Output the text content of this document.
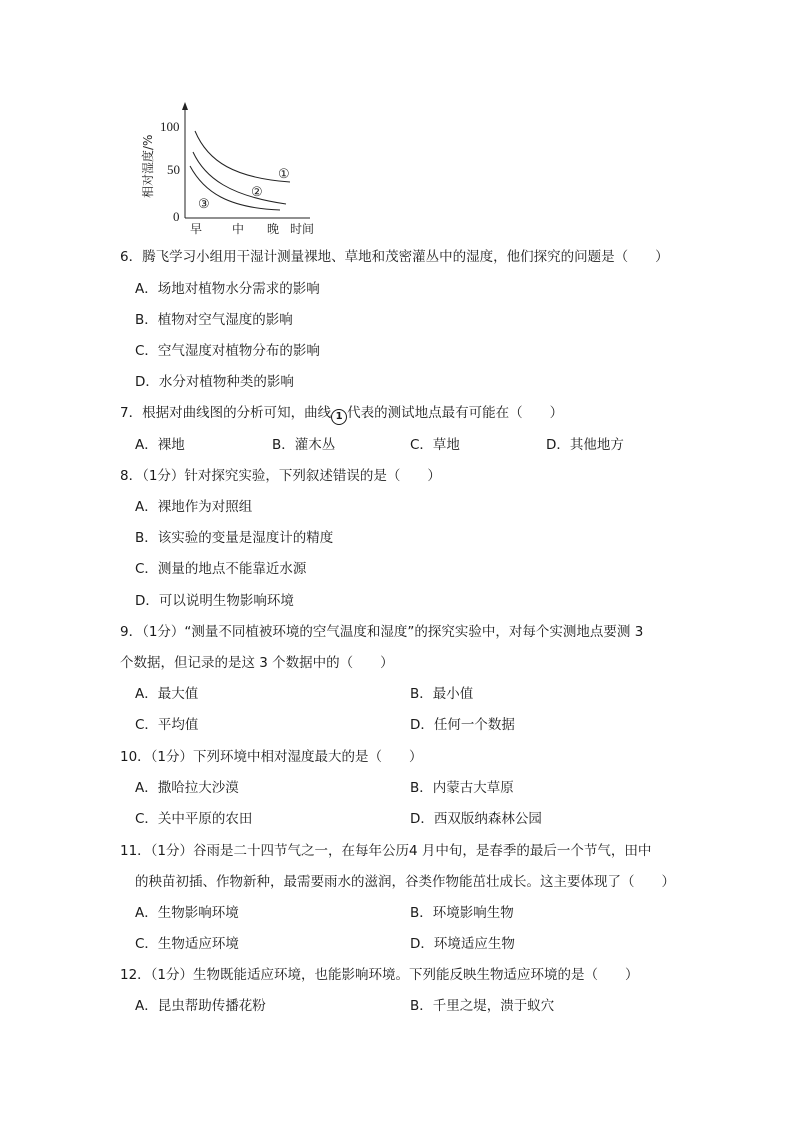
100
50
0
相对湿度/%
早 中 晚 时间
①
②
③
6．腾飞学习小组用干湿计测量裸地、草地和茂密灌丛中的湿度，他们探究的问题是（　　）
A．场地对植物水分需求的影响
B．植物对空气湿度的影响
C．空气湿度对植物分布的影响
D．水分对植物种类的影响
7．根据对曲线图的分析可知，曲线 1 代表的测试地点最有可能在（　　）
A．裸地	B．灌木丛	C．草地	D．其他地方
8．（1分）针对探究实验，下列叙述错误的是（　　）
A．裸地作为对照组
B．该实验的变量是湿度计的精度
C．测量的地点不能靠近水源
D．可以说明生物影响环境
9．（1分）“测量不同植被环境的空气温度和湿度”的探究实验中，对每个实测地点要测 3
个数据，但记录的是这 3 个数据中的（　　）
A．最大值	B．最小值
C．平均值	D．任何一个数据
10．（1分）下列环境中相对湿度最大的是（　　）
A．撒哈拉大沙漠	B．内蒙古大草原
C．关中平原的农田	D．西双版纳森林公园
11．（1分）谷雨是二十四节气之一，在每年公历4 月中旬，是春季的最后一个节气，田中
的秧苗初插、作物新种，最需要雨水的滋润，谷类作物能茁壮成长。这主要体现了（　　）
A．生物影响环境	B．环境影响生物
C．生物适应环境	D．环境适应生物
12．（1分）生物既能适应环境，也能影响环境。下列能反映生物适应环境的是（　　）
A．昆虫帮助传播花粉	B．千里之堤，溃于蚁穴
